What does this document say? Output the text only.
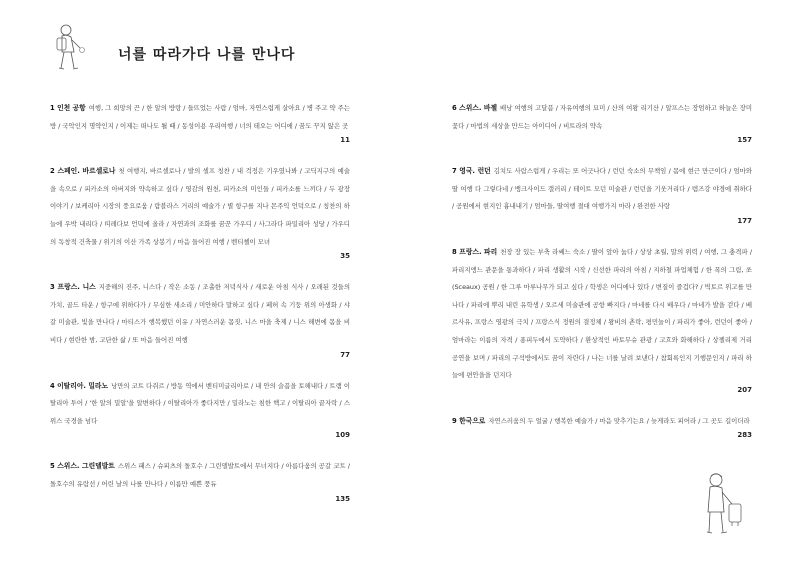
너를 따라가다 나를 만나다
1 인천 공항 여행, 그 희망의 끈 / 한 알의 방랑 / 들뜨었는 사람 / 엄마, 자연스럽게 살아요 / 병 주고 약 주는 방 / 국악인지 명약인지 / 이제는 떠나도 될 때 / 동성이용 우리여행 / 너의 테오는 어디에 / 꿈도 꾸지 않은 곳
11
2 스페인. 바르셀로나 첫 여행지, 바르셀로나 / 발의 셀프 칭찬 / 내 걱정은 기우였나봐 / 고딕지구의 예술을 속으로 / 피카소의 아버지와 약속하고 싶다 / 영감의 원천, 피카소의 미인들 / 피카소를 느끼다 / 두 광장 이야기 / 보케리아 시장의 풍요로움 / 람블라스 거리의 예술가 / 별 항구를 지나 몬주익 언덕으로 / 칭찬의 하늘에 우박 내리다 / 띠레다보 언덕에 올라 / 자연과의 조화를 꿈꾼 가우디 / 사그라다 파밀리아 성당 / 가우디의 독창적 건축물 / 위기의 이산 가족 상봉기 / 마음 들어진 여행 / 벤티첼이 모녀
35
3 프랑스. 니스 지중해의 진주, 니스다 / 작은 소동 / 조촐한 저녁식사 / 새로운 아침 식사 / 오래된 것들의 가치, 골드 타운 / 항구에 위하다가 / 무심한 새소리 / 미안하다 말하고 싶다 / 페허 속 기둥 위의 아생화 / 샤갈 미술관, 빛을 만나다 / 마티스가 행복했던 이유 / 자연스러운 몸짓, 니스 마을 축제 / 니스 해변에 몸을 비비다 / 현란한 밤, 고단한 삶 / 또 마음 들어진 여행
77
4 이탈리아. 밀라노 낭만의 코트 다쥐르 / 방동 역에서 벤티미글리아로 / 내 안의 슬픔을 토해내다 / 트램 이탈리아 투어 / '한 알의 밀알'을 알변하다 / 이탈리아가 좋다지만 / 밀라노는 침한 핵고 / 이탈리아 끝자락 / 스위스 국경을 넘다
109
5 스위스. 그린델발트 스위스 패스 / 슈피츠의 돌호수 / 그린델발트에서 무너지다 / 아름다움의 공갈 코트 / 돌호수의 유람선 / 어린 날의 나를 만나다 / 이름만 예쁜 풍듀
135
6 스위스. 바젤 배낭 여행의 고달픔 / 자유여행의 묘미 / 산의 여왕 리기산 / 알프스는 장엄하고 하늘은 장미꽃다 / 마법의 세상을 만드는 아이디어 / 비트라의 약속
157
7 영국. 런던 김치도 사람스럽게 / 우리는 또 어긋나다 / 런던 숙소의 무책임 / 몸에 현근 만근이다 / 엄마와 딸 여행 다 그렇다네 / 뱅크사이드 갤러리 / 테이트 모던 미술관 / 런던을 기웃거리다 / 템즈강 야경에 취하다 / 공원에서 현지인 흉내내기 / 엄마들, 딸여행 절대 여행가지 마라 / 완전한 사랑
177
8 프랑스. 파리 천장 장 있는 부축 라쎄느 숙소 / 딸이 앞아 눕다 / 상상 초월, 말의 위력 / 여행, 그 충격파 / 파리지앵느 관문을 통과하다 / 파리 생활의 시작 / 신선한 파리의 아침 / 지하철 파업체험 / 한 폭의 그림, 쏘(Sceaux) 공원 / 한 그루 마루나무가 되고 싶다 / 학생은 어디에나 있다 / 변질이 즐겁다? / 빅토르 위고를 만나다 / 파리에 뿌리 내린 유학생 / 오르세 미술관에 공항 빠지다 / 마네를 다시 배우다 / 마네가 발을 걷다 / 베르사유, 프랑스 영광의 극치 / 프랑스식 정원의 결정체 / 왕비의 촌락, 평민놀이 / 파리가 좋아, 런던이 좋아 / 엄마라는 이름의 자격 / 퐁피두에서 도약하다 / 환상적인 바토무슈 관광 / 고흐와 화해하다 / 상젤리제 거리 공연을 보며 / 파리의 구석방에서도 꿈이 자란다 / 나는 너를 날려 보낸다 / 참회록인지 기행문인지 / 파리 하늘에 편안을을 던지다
207
9 한국으로 자연스러움의 두 얼굴 / 행복한 예술가 / 마음 맞추기는요 / 늦게라도 피어라 / 그 곳도 길이더라
283
